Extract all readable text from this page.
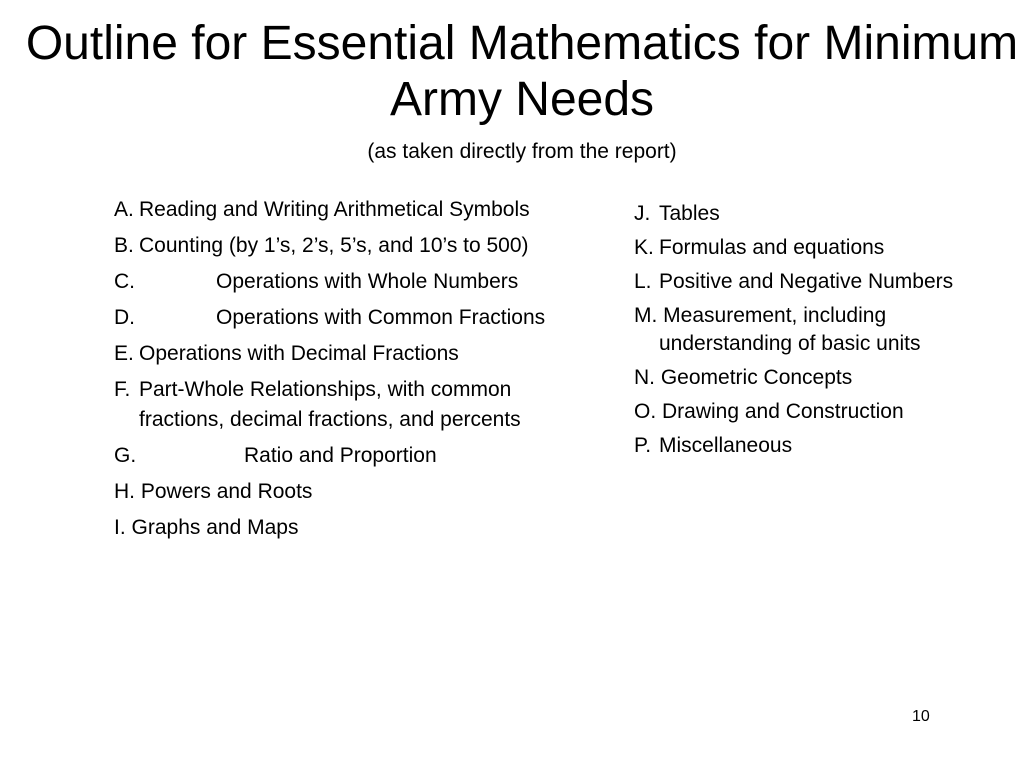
Outline for Essential Mathematics for Minimum Army Needs
(as taken directly from the report)
A. Reading and Writing Arithmetical Symbols
B. Counting (by 1’s, 2’s, 5’s, and 10’s to 500)
C.	Operations with Whole Numbers
D.	Operations with Common Fractions
E. Operations with Decimal Fractions
F. Part-Whole Relationships, with common fractions, decimal fractions, and percents
G.	Ratio and Proportion
H. Powers and Roots
I. Graphs and Maps
J. Tables
K. Formulas and equations
L. Positive and Negative Numbers
M. Measurement, including understanding of basic units
N. Geometric Concepts
O. Drawing and Construction
P. Miscellaneous
10
